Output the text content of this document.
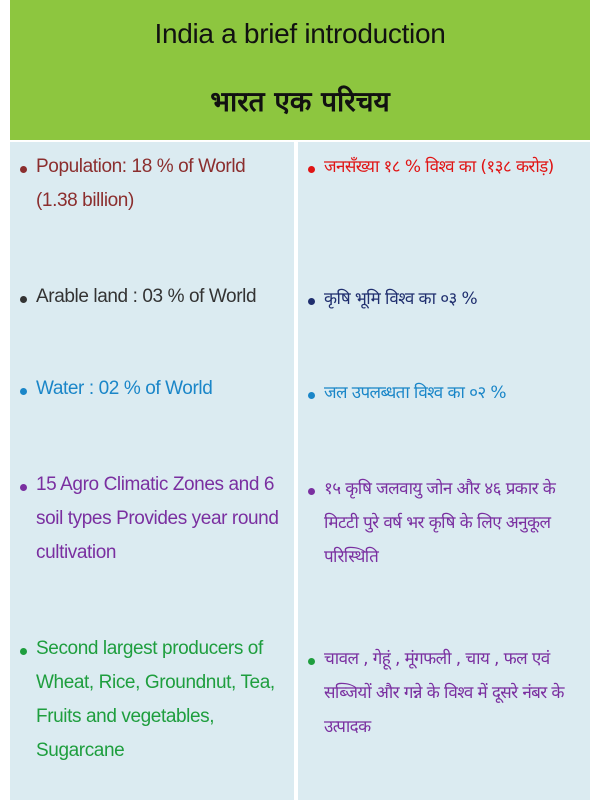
India a brief introduction
भारत एक परिचय
Population: 18 % of World (1.38 billion)
Arable land : 03 % of World
Water : 02 % of World
15 Agro Climatic Zones and 6 soil types Provides year round cultivation
Second largest producers of Wheat, Rice, Groundnut, Tea, Fruits and vegetables, Sugarcane
जनसँख्या १८ % विश्व का (१३८ करोड़)
कृषि भूमि विश्व का ०३ %
जल उपलब्धता विश्व का ०२ %
१५ कृषि जलवायु जोन और ४६ प्रकार के मिटटी पुरे वर्ष भर कृषि के लिए अनुकूल परिस्थिति
चावल , गेहूं , मूंगफली , चाय , फल एवं सब्जियों और गन्ने के विश्व में दूसरे नंबर के उत्पादक
